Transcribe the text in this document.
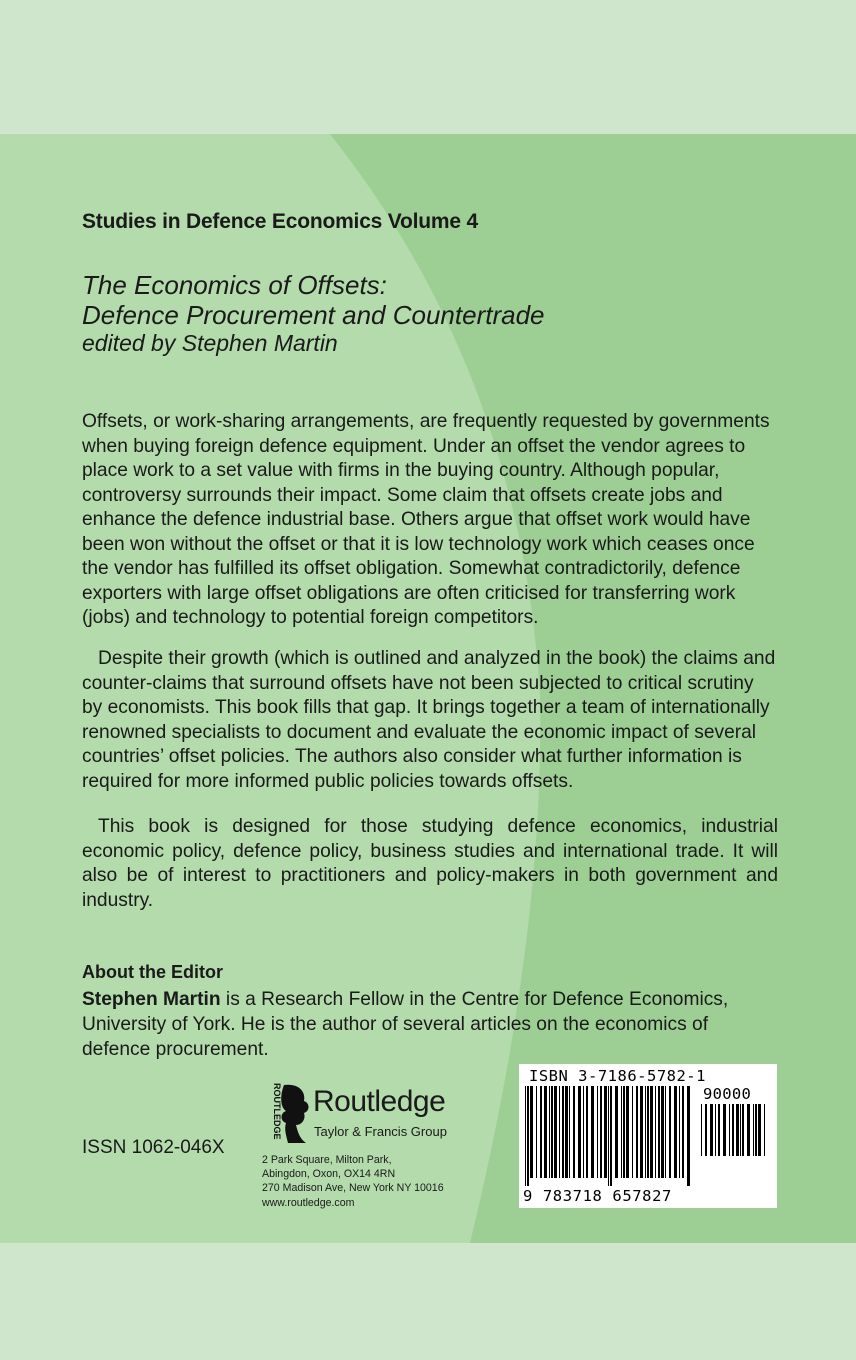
Studies in Defence Economics Volume 4
The Economics of Offsets:
Defence Procurement and Countertrade
edited by Stephen Martin

Offsets, or work-sharing arrangements, are frequently requested by governments when buying foreign defence equipment. Under an offset the vendor agrees to place work to a set value with firms in the buying country. Although popular, controversy surrounds their impact. Some claim that offsets create jobs and enhance the defence industrial base. Others argue that offset work would have been won without the offset or that it is low technology work which ceases once the vendor has fulfilled its offset obligation. Somewhat contradictorily, defence exporters with large offset obligations are often criticised for transferring work (jobs) and technology to potential foreign competitors.

Despite their growth (which is outlined and analyzed in the book) the claims and counter-claims that surround offsets have not been subjected to critical scrutiny by economists. This book fills that gap. It brings together a team of internationally renowned specialists to document and evaluate the economic impact of several countries’ offset policies. The authors also consider what further information is required for more informed public policies towards offsets.

This book is designed for those studying defence economics, industrial economic policy, defence policy, business studies and international trade. It will also be of interest to practitioners and policy-makers in both government and industry.

About the Editor

Stephen Martin is a Research Fellow in the Centre for Defence Economics, University of York. He is the author of several articles on the economics of defence procurement.

ISSN 1062-046X
ROUTLEDGE Routledge
Taylor & Francis Group
2 Park Square, Milton Park,
Abingdon, Oxon, OX14 4RN
270 Madison Ave, New York NY 10016
www.routledge.com
ISBN 3-7186-5782-1
90000
9 783718 657827
